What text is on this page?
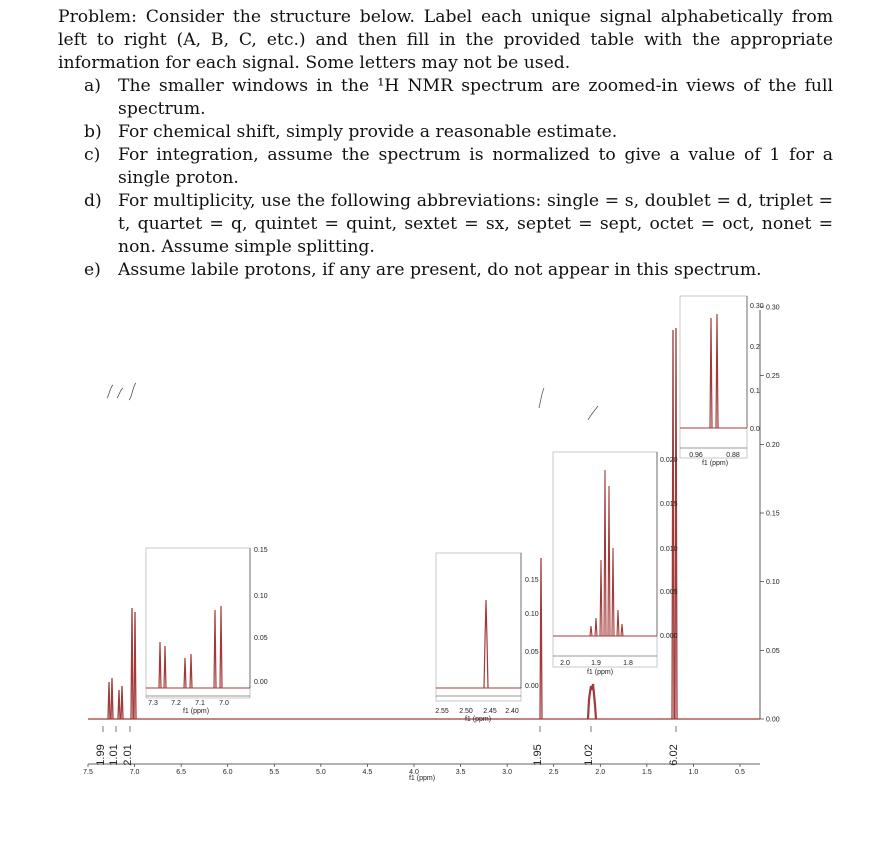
Problem: Consider the structure below. Label each unique signal alphabetically from left to right (A, B, C, etc.) and then fill in the provided table with the appropriate information for each signal. Some letters may not be used.

a) The smaller windows in the ¹H NMR spectrum are zoomed-in views of the full spectrum.
b) For chemical shift, simply provide a reasonable estimate.
c) For integration, assume the spectrum is normalized to give a value of 1 for a single proton.
d) For multiplicity, use the following abbreviations: single = s, doublet = d, triplet = t, quartet = q, quintet = quint, sextet = sx, septet = sept, octet = oct, nonet = non. Assume simple splitting.
e) Assume labile protons, if any are present, do not appear in this spectrum.
7.5	7.0	6.5	6.0	5.5	5.0	4.5	4.0	3.5	3.0	2.5	2.0	1.5	1.0	0.5
f1 (ppm)
0.30
0.25
0.20
0.15
0.10
0.05
0.00
1.99 1.01 2.01	1.95	1.02	6.02
7.3 7.2 7.1 7.0
f1 (ppm)
0.15
0.10
0.05
0.00
2.55 2.50 2.45 2.40
f1 (ppm)
0.15
0.10
0.05
0.00
2.0	1.9	1.8
f1 (ppm)
0.020
0.015
0.010
0.005
0.000
0.96	0.88
f1 (ppm)
0.30
0.2
0.1
0.0
